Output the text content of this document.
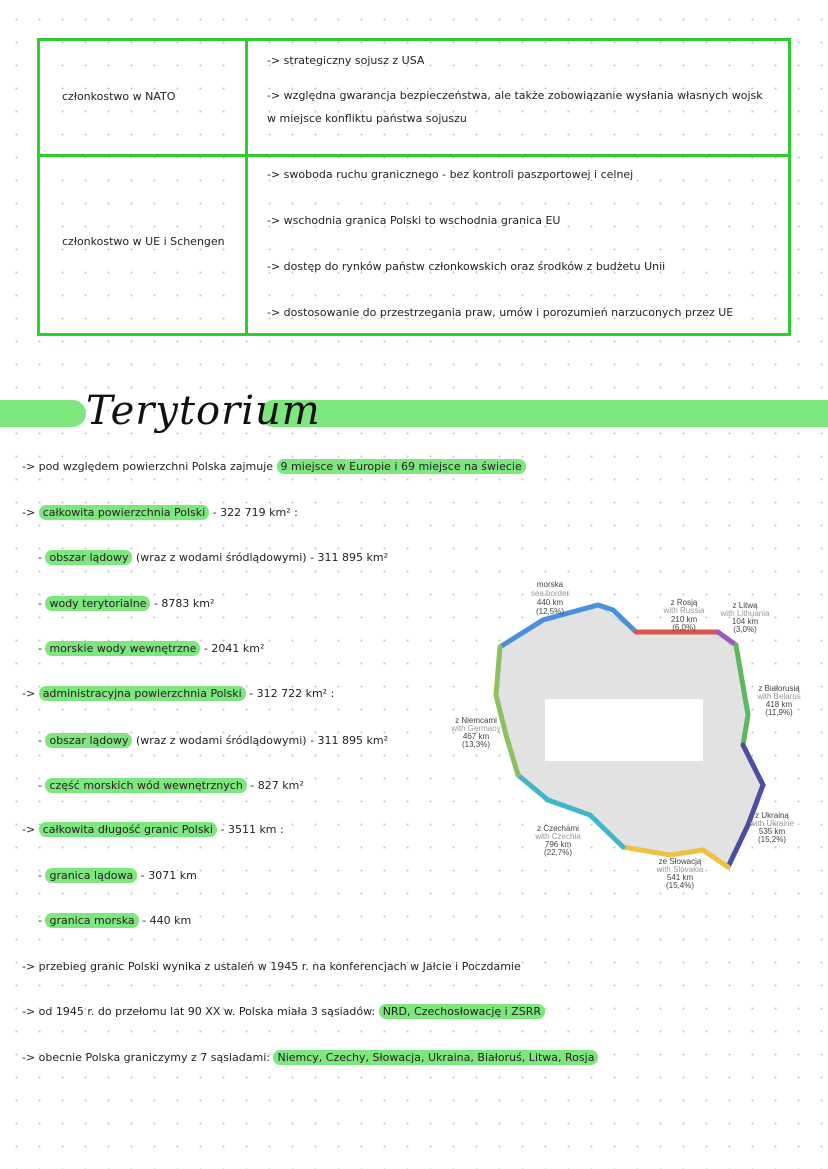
członkostwo w NATO

-> strategiczny sojusz z USA

-> względna gwarancja bezpieczeństwa, ale także zobowiązanie wysłania własnych wojsk w miejsce konfliktu państwa sojuszu

członkostwo w UE i Schengen

-> swoboda ruchu granicznego - bez kontroli paszportowej i celnej

-> wschodnia granica Polski to wschodnia granica EU

-> dostęp do rynków państw członkowskich oraz środków z budżetu Unii

-> dostosowanie do przestrzegania praw, umów i porozumień narzuconych przez UE

Terytorium
-> pod względem powierzchni Polska zajmuje 9 miejsce w Europie i 69 miejsce na świecie
-> całkowita powierzchnia Polski - 322 719 km² :
- obszar lądowy (wraz z wodami śródlądowymi) - 311 895 km²
- wody terytorialne - 8783 km²
- morskie wody wewnętrzne - 2041 km²
-> administracyjna powierzchnia Polski - 312 722 km² :
- obszar lądowy (wraz z wodami śródlądowymi) - 311 895 km²
- część morskich wód wewnętrznych - 827 km²
-> całkowita długość granic Polski - 3511 km :
- granica lądowa - 3071 km
- granica morska - 440 km
-> przebieg granic Polski wynika z ustaleń w 1945 r. na konferencjach w Jałcie i Poczdamie
-> od 1945 r. do przełomu lat 90 XX w. Polska miała 3 sąsiadów: NRD, Czechosłowację i ZSRR
-> obecnie Polska graniczymy z 7 sąsiadami: Niemcy, Czechy, Słowacja, Ukraina, Białoruś, Litwa, Rosja
morska
sea border
440 km
(12,5%)
z Rosją
with Russia
210 km
(6,0%)
z Litwą
with Lithuania
104 km
(3,0%)
z Białorusią
with Belarus
418 km
(11,9%)
z Ukrainą
with Ukraine
535 km
(15,2%)
ze Słowacją
with Slovakia
541 km
(15,4%)
z Czechami
with Czechia
796 km
(22,7%)
z Niemcami
with Germany
467 km
(13,3%)
